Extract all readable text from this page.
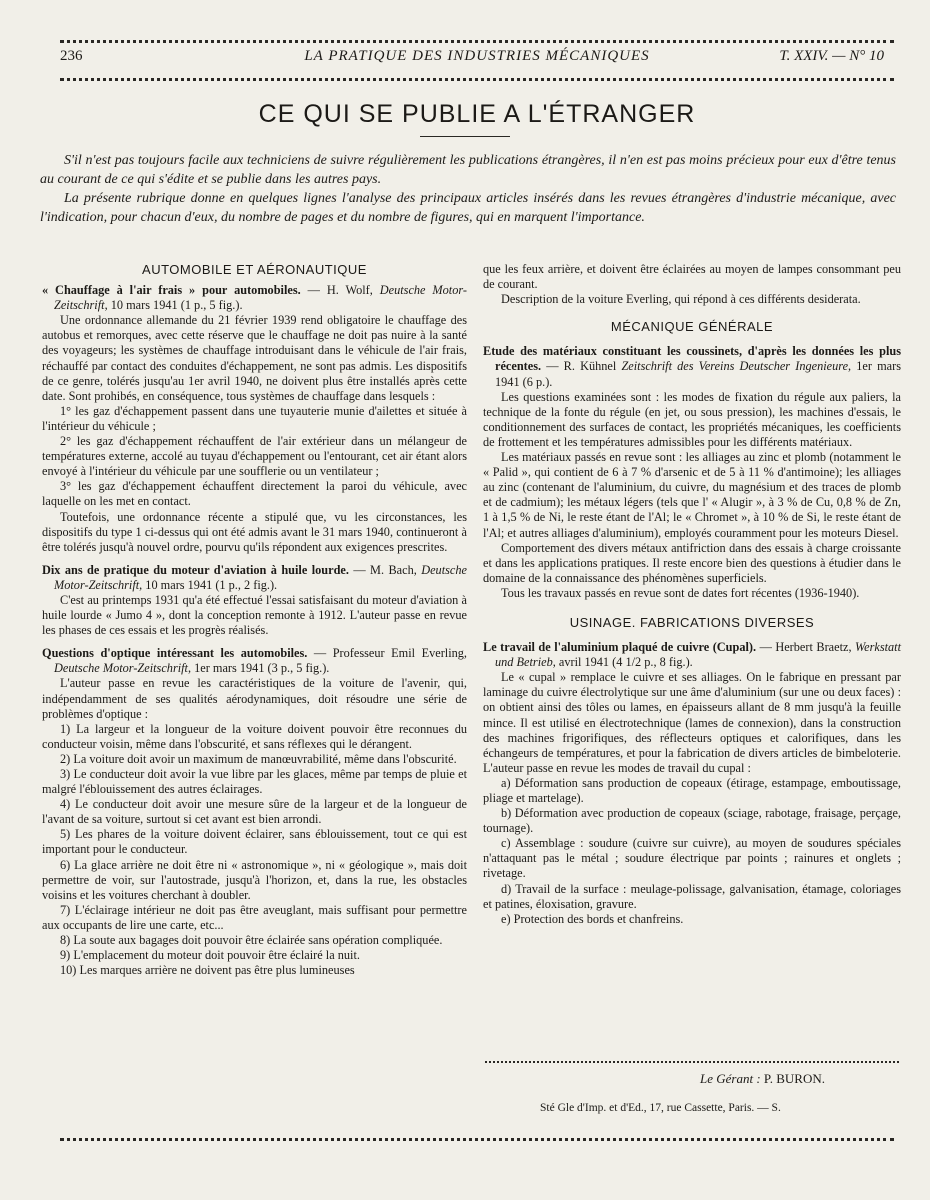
236	LA PRATIQUE DES INDUSTRIES MÉCANIQUES	T. XXIV. — N° 10
CE QUI SE PUBLIE A L'ÉTRANGER

S'il n'est pas toujours facile aux techniciens de suivre régulièrement les publications étrangères, il n'en est pas moins précieux pour eux d'être tenus au courant de ce qui s'édite et se publie dans les autres pays.

La présente rubrique donne en quelques lignes l'analyse des principaux articles insérés dans les revues étrangères d'industrie mécanique, avec l'indication, pour chacun d'eux, du nombre de pages et du nombre de figures, qui en marquent l'importance.

AUTOMOBILE ET AÉRONAUTIQUE

« Chauffage à l'air frais » pour automobiles. — H. Wolf, Deutsche Motor-Zeitschrift, 10 mars 1941 (1 p., 5 fig.).

Une ordonnance allemande du 21 février 1939 rend obligatoire le chauffage des autobus et remorques, avec cette réserve que le chauffage ne doit pas nuire à la santé des voyageurs; les systèmes de chauffage introduisant dans le véhicule de l'air frais, réchauffé par contact des conduites d'échappement, ne sont pas admis. Les dispositifs de ce genre, tolérés jusqu'au 1er avril 1940, ne doivent plus être installés après cette date. Sont prohibés, en conséquence, tous systèmes de chauffage dans lesquels :

1° les gaz d'échappement passent dans une tuyauterie munie d'ailettes et située à l'intérieur du véhicule ;

2° les gaz d'échappement réchauffent de l'air extérieur dans un mélangeur de températures externe, accolé au tuyau d'échappement ou l'entourant, cet air étant alors envoyé à l'intérieur du véhicule par une soufflerie ou un ventilateur ;

3° les gaz d'échappement échauffent directement la paroi du véhicule, avec laquelle on les met en contact.

Toutefois, une ordonnance récente a stipulé que, vu les circonstances, les dispositifs du type 1 ci-dessus qui ont été admis avant le 31 mars 1940, continueront à être tolérés jusqu'à nouvel ordre, pourvu qu'ils répondent aux exigences prescrites.

Dix ans de pratique du moteur d'aviation à huile lourde. — M. Bach, Deutsche Motor-Zeitschrift, 10 mars 1941 (1 p., 2 fig.).

C'est au printemps 1931 qu'a été effectué l'essai satisfaisant du moteur d'aviation à huile lourde « Jumo 4 », dont la conception remonte à 1912. L'auteur passe en revue les phases de ces essais et les progrès réalisés.

Questions d'optique intéressant les automobiles. — Professeur Emil Everling, Deutsche Motor-Zeitschrift, 1er mars 1941 (3 p., 5 fig.).

L'auteur passe en revue les caractéristiques de la voiture de l'avenir, qui, indépendamment de ses qualités aérodynamiques, doit résoudre une série de problèmes d'optique :

1) La largeur et la longueur de la voiture doivent pouvoir être reconnues du conducteur voisin, même dans l'obscurité, et sans réflexes qui le dérangent.

2) La voiture doit avoir un maximum de manœuvrabilité, même dans l'obscurité.

3) Le conducteur doit avoir la vue libre par les glaces, même par temps de pluie et malgré l'éblouissement des autres éclairages.

4) Le conducteur doit avoir une mesure sûre de la largeur et de la longueur de l'avant de sa voiture, surtout si cet avant est bien arrondi.

5) Les phares de la voiture doivent éclairer, sans éblouissement, tout ce qui est important pour le conducteur.

6) La glace arrière ne doit être ni « astronomique », ni « géologique », mais doit permettre de voir, sur l'autostrade, jusqu'à l'horizon, et, dans la rue, les obstacles voisins et les voitures cherchant à doubler.

7) L'éclairage intérieur ne doit pas être aveuglant, mais suffisant pour permettre aux occupants de lire une carte, etc...

8) La soute aux bagages doit pouvoir être éclairée sans opération compliquée.

9) L'emplacement du moteur doit pouvoir être éclairé la nuit.

10) Les marques arrière ne doivent pas être plus lumineuses

que les feux arrière, et doivent être éclairées au moyen de lampes consommant peu de courant.

Description de la voiture Everling, qui répond à ces différents desiderata.

MÉCANIQUE GÉNÉRALE

Etude des matériaux constituant les coussinets, d'après les données les plus récentes. — R. Kühnel Zeitschrift des Vereins Deutscher Ingenieure, 1er mars 1941 (6 p.).

Les questions examinées sont : les modes de fixation du régule aux paliers, la technique de la fonte du régule (en jet, ou sous pression), les machines d'essais, le conditionnement des surfaces de contact, les propriétés mécaniques, les coefficients de frottement et les températures admissibles pour les différents matériaux.

Les matériaux passés en revue sont : les alliages au zinc et plomb (notamment le « Palid », qui contient de 6 à 7 % d'arsenic et de 5 à 11 % d'antimoine); les alliages au zinc (contenant de l'aluminium, du cuivre, du magnésium et des traces de plomb et de cadmium); les métaux légers (tels que l' « Alugir », à 3 % de Cu, 0,8 % de Zn, 1 à 1,5 % de Ni, le reste étant de l'Al; le « Chromet », à 10 % de Si, le reste étant de l'Al; et autres alliages d'aluminium), employés couramment pour les moteurs Diesel.

Comportement des divers métaux antifriction dans des essais à charge croissante et dans les applications pratiques. Il reste encore bien des questions à étudier dans le domaine de la connaissance des phénomènes superficiels.

Tous les travaux passés en revue sont de dates fort récentes (1936-1940).

USINAGE. FABRICATIONS DIVERSES

Le travail de l'aluminium plaqué de cuivre (Cupal). — Herbert Braetz, Werkstatt und Betrieb, avril 1941 (4 1/2 p., 8 fig.).

Le « cupal » remplace le cuivre et ses alliages. On le fabrique en pressant par laminage du cuivre électrolytique sur une âme d'aluminium (sur une ou deux faces) : on obtient ainsi des tôles ou lames, en épaisseurs allant de 8 mm jusqu'à la feuille mince. Il est utilisé en électrotechnique (lames de connexion), dans la construction des machines frigorifiques, des réflecteurs optiques et calorifiques, dans les échangeurs de températures, et pour la fabrication de divers articles de bimbeloterie. L'auteur passe en revue les modes de travail du cupal :

a) Déformation sans production de copeaux (étirage, estampage, emboutissage, pliage et martelage).

b) Déformation avec production de copeaux (sciage, rabotage, fraisage, perçage, tournage).

c) Assemblage : soudure (cuivre sur cuivre), au moyen de soudures spéciales n'attaquant pas le métal ; soudure électrique par points ; rainures et onglets ; rivetage.

d) Travail de la surface : meulage-polissage, galvanisation, étamage, coloriages et patines, éloxisation, gravure.

e) Protection des bords et chanfreins.

Le Gérant : P. BURON.
Sté Gle d'Imp. et d'Ed., 17, rue Cassette, Paris. — S.
